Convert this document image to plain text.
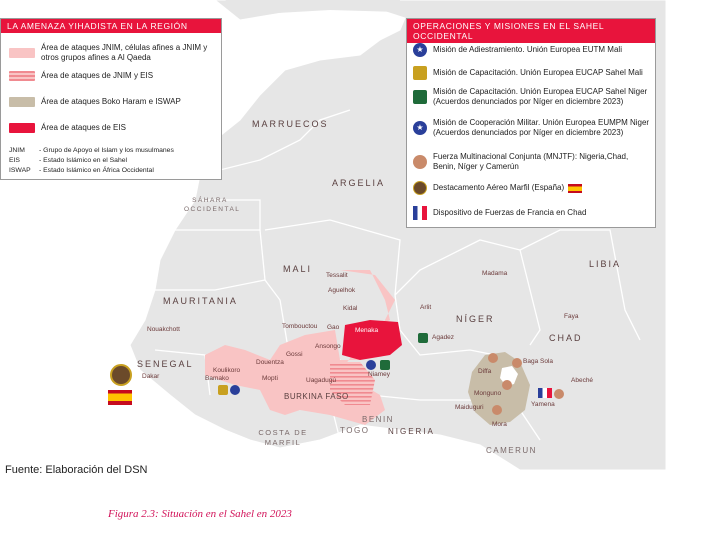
MARRUECOS
ARGELIA
SÁHARA OCCIDENTAL
MAURITANIA
MALI
NÍGER
CHAD
LIBIA
SENEGAL
BURKINA FASO
COSTA DE MARFIL
TOGO
BENIN
NIGERIA
CAMERUN
Tessalit
Aguelhok
Kidal
Tombouctou Gao Menaka
Ansongo
Gossi
Douentza
Koulikoro
Bamako	Mopti	Uagadugú
Niamey
Nouakchott
Dakar
Agadez
Arlit
Madama
Faya
Abeché
Baga Sola
Diffa
Monguno
Maiduguri
Mora
Yamena
LA AMENAZA YIHADISTA EN LA REGIÓN
Área de ataques JNIM, células afines a JNIM y otros grupos afines a Al Qaeda
Área de ataques de JNIM y EIS
Área de ataques Boko Haram e ISWAP
Área de ataques de EIS
JNIM - Grupo de Apoyo el Islam y los musulmanes
EIS	- Estado Islámico en el Sahel
ISWAP - Estado Islámico en África Occidental
OPERACIONES Y MISIONES EN EL SAHEL OCCIDENTAL
★	Misión de Adiestramiento. Unión Europea EUTM Mali
Misión de Capacitación. Unión Europea EUCAP Sahel Mali
Misión de Capacitación. Unión Europea EUCAP Sahel Niger (Acuerdos denunciados por Níger en diciembre 2023)
★
Misión de Cooperación Militar. Unión Europea EUMPM Niger (Acuerdos denunciados por Níger en diciembre 2023)
Fuerza Multinacional Conjunta (MNJTF): Nigeria,Chad, Benin, Níger y Camerún
Destacamento Aéreo Marfil (España)
Dispositivo de Fuerzas de Francia en Chad
Fuente: Elaboración del DSN
Figura 2.3: Situación en el Sahel en 2023
